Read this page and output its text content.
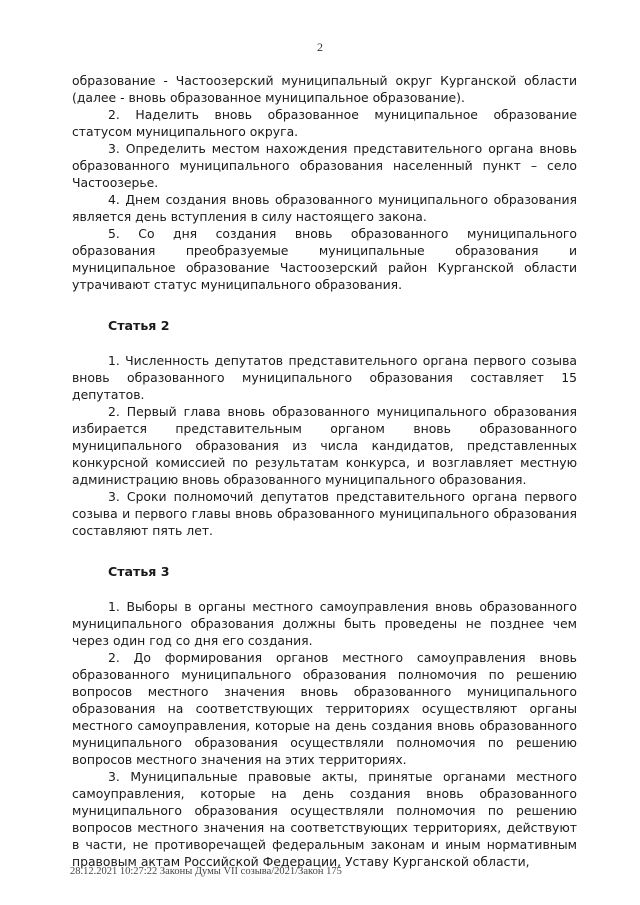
2

образование - Частоозерский муниципальный округ Курганской области (далее - вновь образованное муниципальное образование).

2. Наделить вновь образованное муниципальное образование статусом муниципального округа.

3. Определить местом нахождения представительного органа вновь образованного муниципального образования населенный пункт – село Частоозерье.

4. Днем создания вновь образованного муниципального образования является день вступления в силу настоящего закона.

5. Со дня создания вновь образованного муниципального образования преобразуемые муниципальные образования и муниципальное образование Частоозерский район Курганской области утрачивают статус муниципального образования.

Статья 2

1. Численность депутатов представительного органа первого созыва вновь образованного муниципального образования составляет 15 депутатов.

2. Первый глава вновь образованного муниципального образования избирается представительным органом вновь образованного муниципального образования из числа кандидатов, представленных конкурсной комиссией по результатам конкурса, и возглавляет местную администрацию вновь образованного муниципального образования.

3. Сроки полномочий депутатов представительного органа первого созыва и первого главы вновь образованного муниципального образования составляют пять лет.

Статья 3

1. Выборы в органы местного самоуправления вновь образованного муниципального образования должны быть проведены не позднее чем через один год со дня его создания.

2. До формирования органов местного самоуправления вновь образованного муниципального образования полномочия по решению вопросов местного значения вновь образованного муниципального образования на соответствующих территориях осуществляют органы местного самоуправления, которые на день создания вновь образованного муниципального образования осуществляли полномочия по решению вопросов местного значения на этих территориях.

3. Муниципальные правовые акты, принятые органами местного самоуправления, которые на день создания вновь образованного муниципального образования осуществляли полномочия по решению вопросов местного значения на соответствующих территориях, действуют в части, не противоречащей федеральным законам и иным нормативным правовым актам Российской Федерации, Уставу Курганской области,

28.12.2021 10:27:22 Законы Думы VII созыва/2021/Закон 175
